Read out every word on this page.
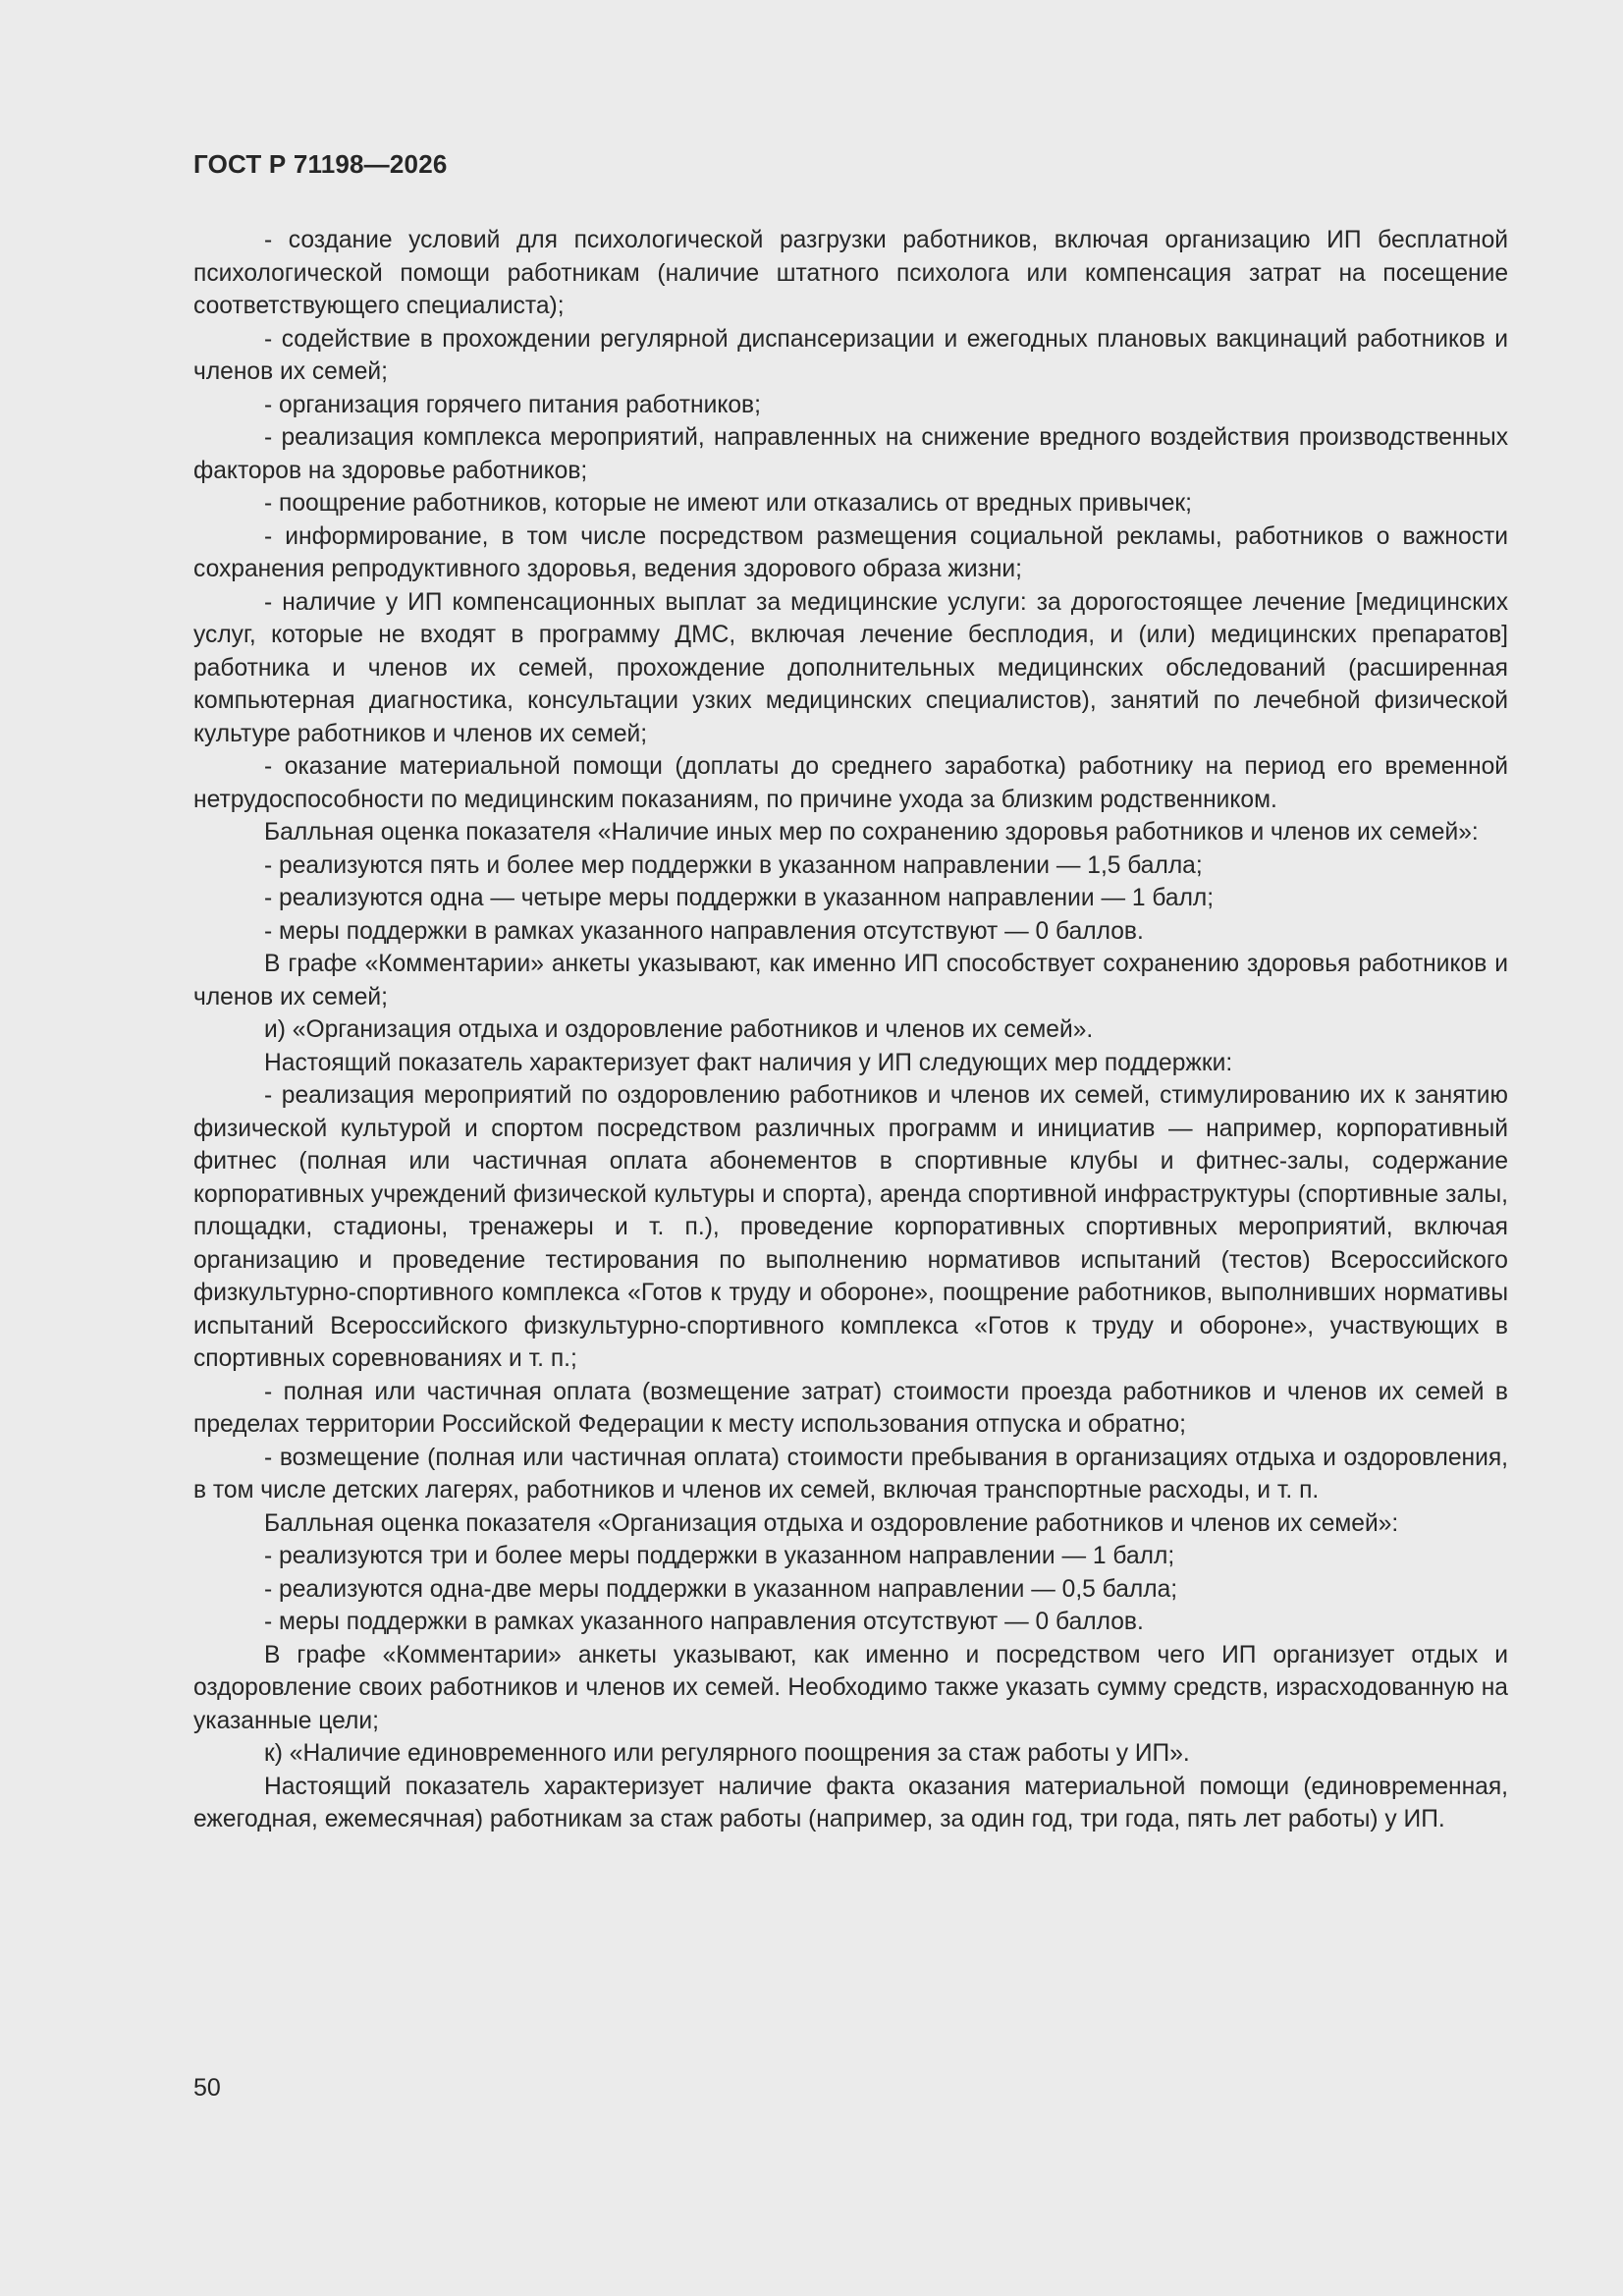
ГОСТ Р 71198—2026

- создание условий для психологической разгрузки работников, включая организацию ИП бесплатной психологической помощи работникам (наличие штатного психолога или компенсация затрат на посещение соответствующего специалиста);

- содействие в прохождении регулярной диспансеризации и ежегодных плановых вакцинаций работников и членов их семей;

- организация горячего питания работников;

- реализация комплекса мероприятий, направленных на снижение вредного воздействия производственных факторов на здоровье работников;

- поощрение работников, которые не имеют или отказались от вредных привычек;

- информирование, в том числе посредством размещения социальной рекламы, работников о важности сохранения репродуктивного здоровья, ведения здорового образа жизни;

- наличие у ИП компенсационных выплат за медицинские услуги: за дорогостоящее лечение [медицинских услуг, которые не входят в программу ДМС, включая лечение бесплодия, и (или) медицинских препаратов] работника и членов их семей, прохождение дополнительных медицинских обследований (расширенная компьютерная диагностика, консультации узких медицинских специалистов), занятий по лечебной физической культуре работников и членов их семей;

- оказание материальной помощи (доплаты до среднего заработка) работнику на период его временной нетрудоспособности по медицинским показаниям, по причине ухода за близким родственником.

Балльная оценка показателя «Наличие иных мер по сохранению здоровья работников и членов их семей»:

- реализуются пять и более мер поддержки в указанном направлении — 1,5 балла;

- реализуются одна — четыре меры поддержки в указанном направлении — 1 балл;

- меры поддержки в рамках указанного направления отсутствуют — 0 баллов.

В графе «Комментарии» анкеты указывают, как именно ИП способствует сохранению здоровья работников и членов их семей;

и) «Организация отдыха и оздоровление работников и членов их семей».

Настоящий показатель характеризует факт наличия у ИП следующих мер поддержки:

- реализация мероприятий по оздоровлению работников и членов их семей, стимулированию их к занятию физической культурой и спортом посредством различных программ и инициатив — например, корпоративный фитнес (полная или частичная оплата абонементов в спортивные клубы и фитнес-залы, содержание корпоративных учреждений физической культуры и спорта), аренда спортивной инфраструктуры (спортивные залы, площадки, стадионы, тренажеры и т. п.), проведение корпоративных спортивных мероприятий, включая организацию и проведение тестирования по выполнению нормативов испытаний (тестов) Всероссийского физкультурно-спортивного комплекса «Готов к труду и обороне», поощрение работников, выполнивших нормативы испытаний Всероссийского физкультурно-спортивного комплекса «Готов к труду и обороне», участвующих в спортивных соревнованиях и т. п.;

- полная или частичная оплата (возмещение затрат) стоимости проезда работников и членов их семей в пределах территории Российской Федерации к месту использования отпуска и обратно;

- возмещение (полная или частичная оплата) стоимости пребывания в организациях отдыха и оздоровления, в том числе детских лагерях, работников и членов их семей, включая транспортные расходы, и т. п.

Балльная оценка показателя «Организация отдыха и оздоровление работников и членов их семей»:

- реализуются три и более меры поддержки в указанном направлении — 1 балл;

- реализуются одна-две меры поддержки в указанном направлении — 0,5 балла;

- меры поддержки в рамках указанного направления отсутствуют — 0 баллов.

В графе «Комментарии» анкеты указывают, как именно и посредством чего ИП организует отдых и оздоровление своих работников и членов их семей. Необходимо также указать сумму средств, израсходованную на указанные цели;

к) «Наличие единовременного или регулярного поощрения за стаж работы у ИП».

Настоящий показатель характеризует наличие факта оказания материальной помощи (единовременная, ежегодная, ежемесячная) работникам за стаж работы (например, за один год, три года, пять лет работы) у ИП.

50
